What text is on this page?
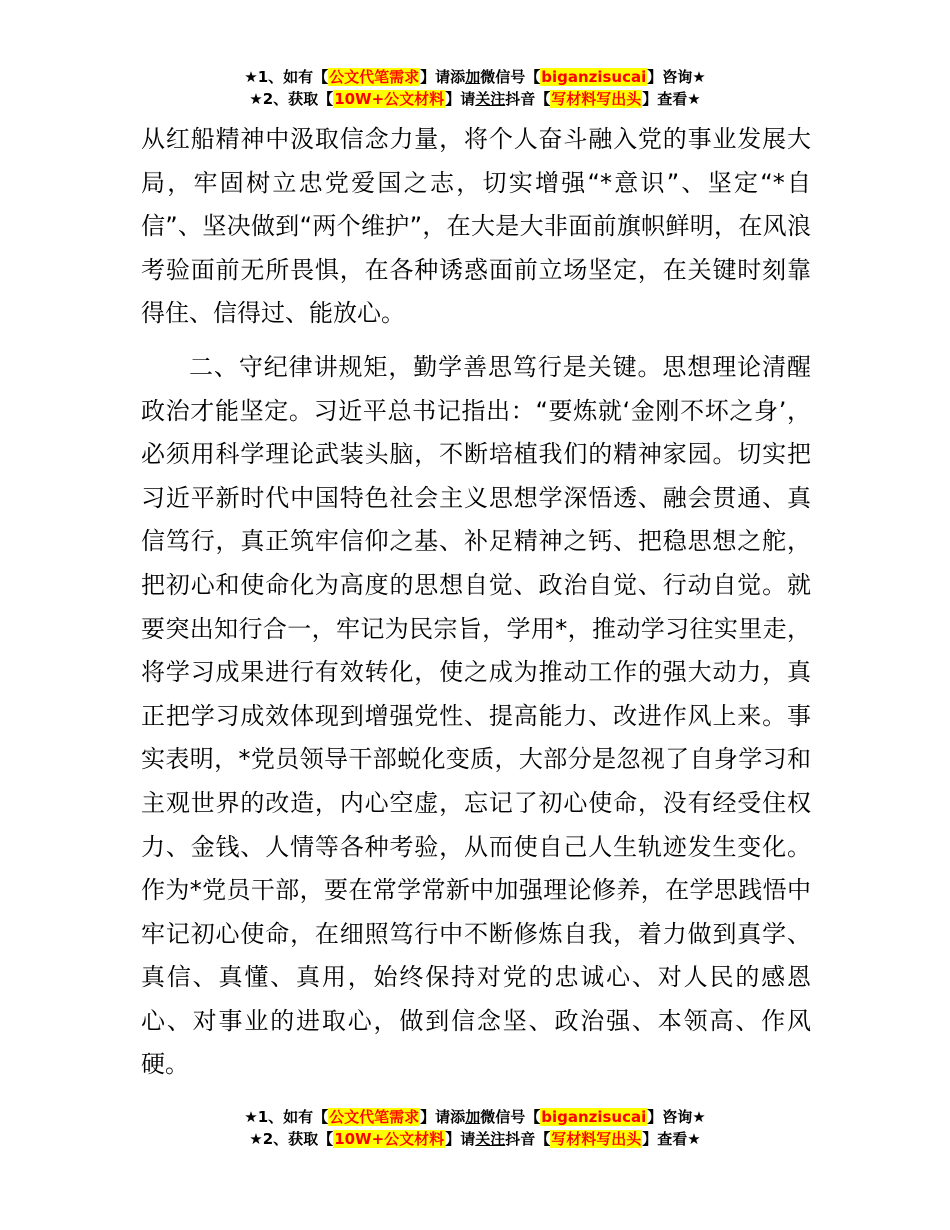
★1、如有【公文代笔需求】请添加微信号【biganzisucai】咨询★
★2、获取【10W+公文材料】请关注抖音【写材料写出头】查看★

从红船精神中汲取信念力量，将个人奋斗融入党的事业发展大局，牢固树立忠党爱国之志，切实增强“*意识”、坚定“*自信”、坚决做到“两个维护”，在大是大非面前旗帜鲜明，在风浪考验面前无所畏惧，在各种诱惑面前立场坚定，在关键时刻靠得住、信得过、能放心。

二、守纪律讲规矩，勤学善思笃行是关键。思想理论清醒政治才能坚定。习近平总书记指出：“要炼就‘金刚不坏之身’，必须用科学理论武装头脑，不断培植我们的精神家园。切实把习近平新时代中国特色社会主义思想学深悟透、融会贯通、真信笃行，真正筑牢信仰之基、补足精神之钙、把稳思想之舵，把初心和使命化为高度的思想自觉、政治自觉、行动自觉。就要突出知行合一，牢记为民宗旨，学用*，推动学习往实里走，将学习成果进行有效转化，使之成为推动工作的强大动力，真正把学习成效体现到增强党性、提高能力、改进作风上来。事实表明，*党员领导干部蜕化变质，大部分是忽视了自身学习和主观世界的改造，内心空虚，忘记了初心使命，没有经受住权力、金钱、人情等各种考验，从而使自己人生轨迹发生变化。作为*党员干部，要在常学常新中加强理论修养，在学思践悟中牢记初心使命，在细照笃行中不断修炼自我，着力做到真学、真信、真懂、真用，始终保持对党的忠诚心、对人民的感恩心、对事业的进取心，做到信念坚、政治强、本领高、作风硬。

★1、如有【公文代笔需求】请添加微信号【biganzisucai】咨询★
★2、获取【10W+公文材料】请关注抖音【写材料写出头】查看★
